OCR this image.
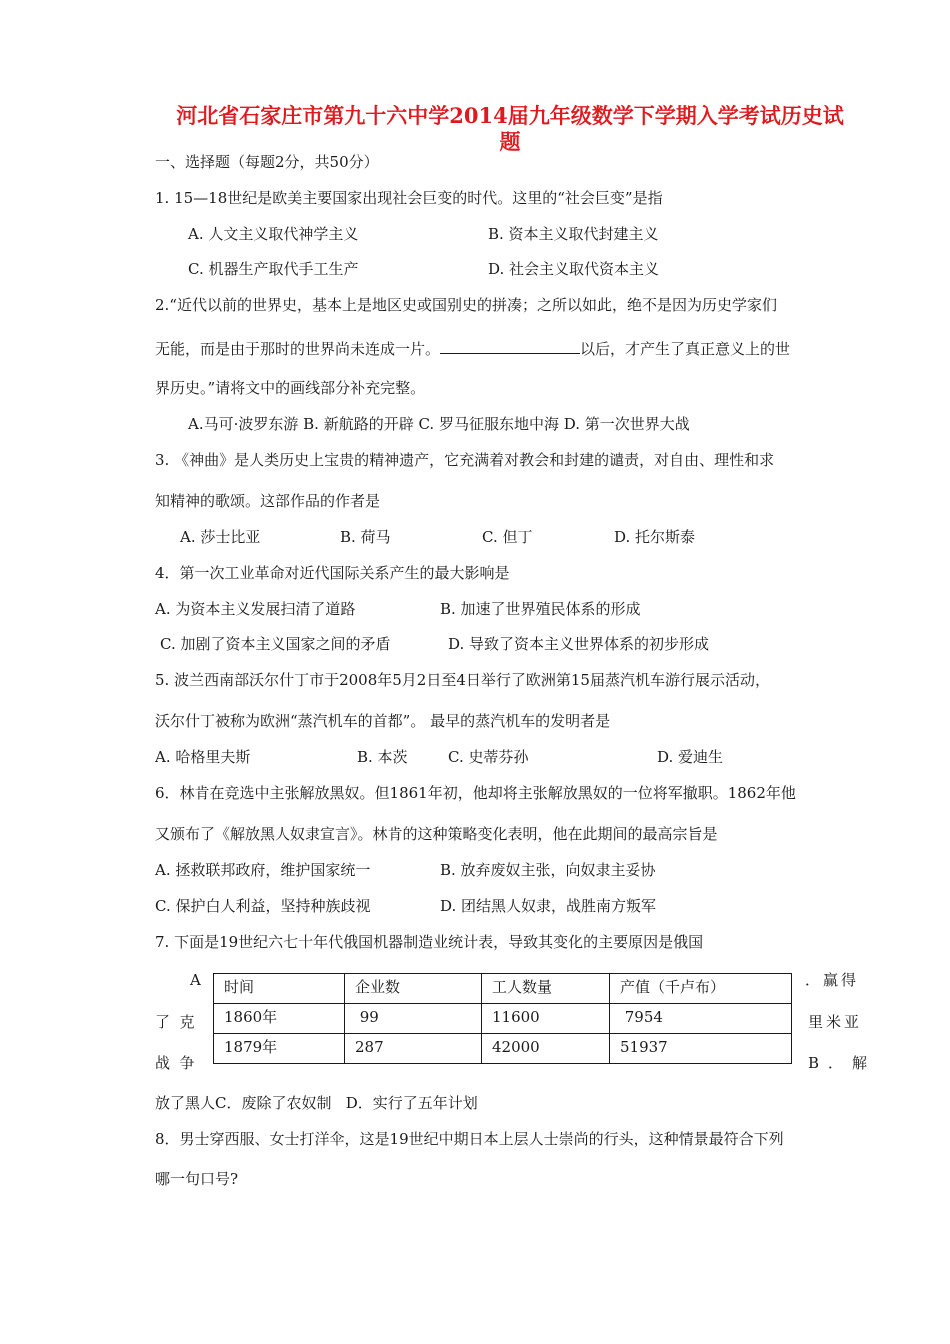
河北省石家庄市第九十六中学2014届九年级数学下学期入学考试历史试
题
一、选择题（每题2分，共50分）
1. 15—18世纪是欧美主要国家出现社会巨变的时代。这里的“社会巨变”是指
A. 人文主义取代神学主义	B. 资本主义取代封建主义
C. 机器生产取代手工生产	D. 社会主义取代资本主义
2.“近代以前的世界史，基本上是地区史或国别史的拼凑；之所以如此，绝不是因为历史学家们
无能，而是由于那时的世界尚未连成一片。	以后，才产生了真正意义上的世
界历史。”请将文中的画线部分补充完整。
A.马可·波罗东游 B. 新航路的开辟 C. 罗马征服东地中海 D. 第一次世界大战
3. 《神曲》是人类历史上宝贵的精神遗产，它充满着对教会和封建的谴责，对自由、理性和求
知精神的歌颂。这部作品的作者是
A. 莎士比亚	B. 荷马	C. 但丁	D. 托尔斯泰
4．第一次工业革命对近代国际关系产生的最大影响是
A. 为资本主义发展扫清了道路	B. 加速了世界殖民体系的形成
C. 加剧了资本主义国家之间的矛盾	D. 导致了资本主义世界体系的初步形成
5. 波兰西南部沃尔什丁市于2008年5月2日至4日举行了欧洲第15届蒸汽机车游行展示活动，
沃尔什丁被称为欧洲“蒸汽机车的首都”。 最早的蒸汽机车的发明者是
A. 哈格里夫斯	B. 本茨	C. 史蒂芬孙	D. 爱迪生
6．林肯在竞选中主张解放黑奴。但1861年初，他却将主张解放黑奴的一位将军撤职。1862年他
又颁布了《解放黑人奴隶宣言》。林肯的这种策略变化表明，他在此期间的最高宗旨是
A. 拯救联邦政府，维护国家统一	B. 放弃废奴主张，向奴隶主妥协
C. 保护白人利益，坚持种族歧视	D. 团结黑人奴隶，战胜南方叛军
7. 下面是19世纪六七十年代俄国机器制造业统计表，导致其变化的主要原因是俄国
时间	企业数	工人数量	产值（千卢布）
1860年	99	11600	7954
1879年	287	42000	51937
A
了  克
战  争
．赢得
里米亚
B．解
放了黑人C．废除了农奴制   D．实行了五年计划
8．男士穿西服、女士打洋伞，这是19世纪中期日本上层人士崇尚的行头，这种情景最符合下列
哪一句口号?
